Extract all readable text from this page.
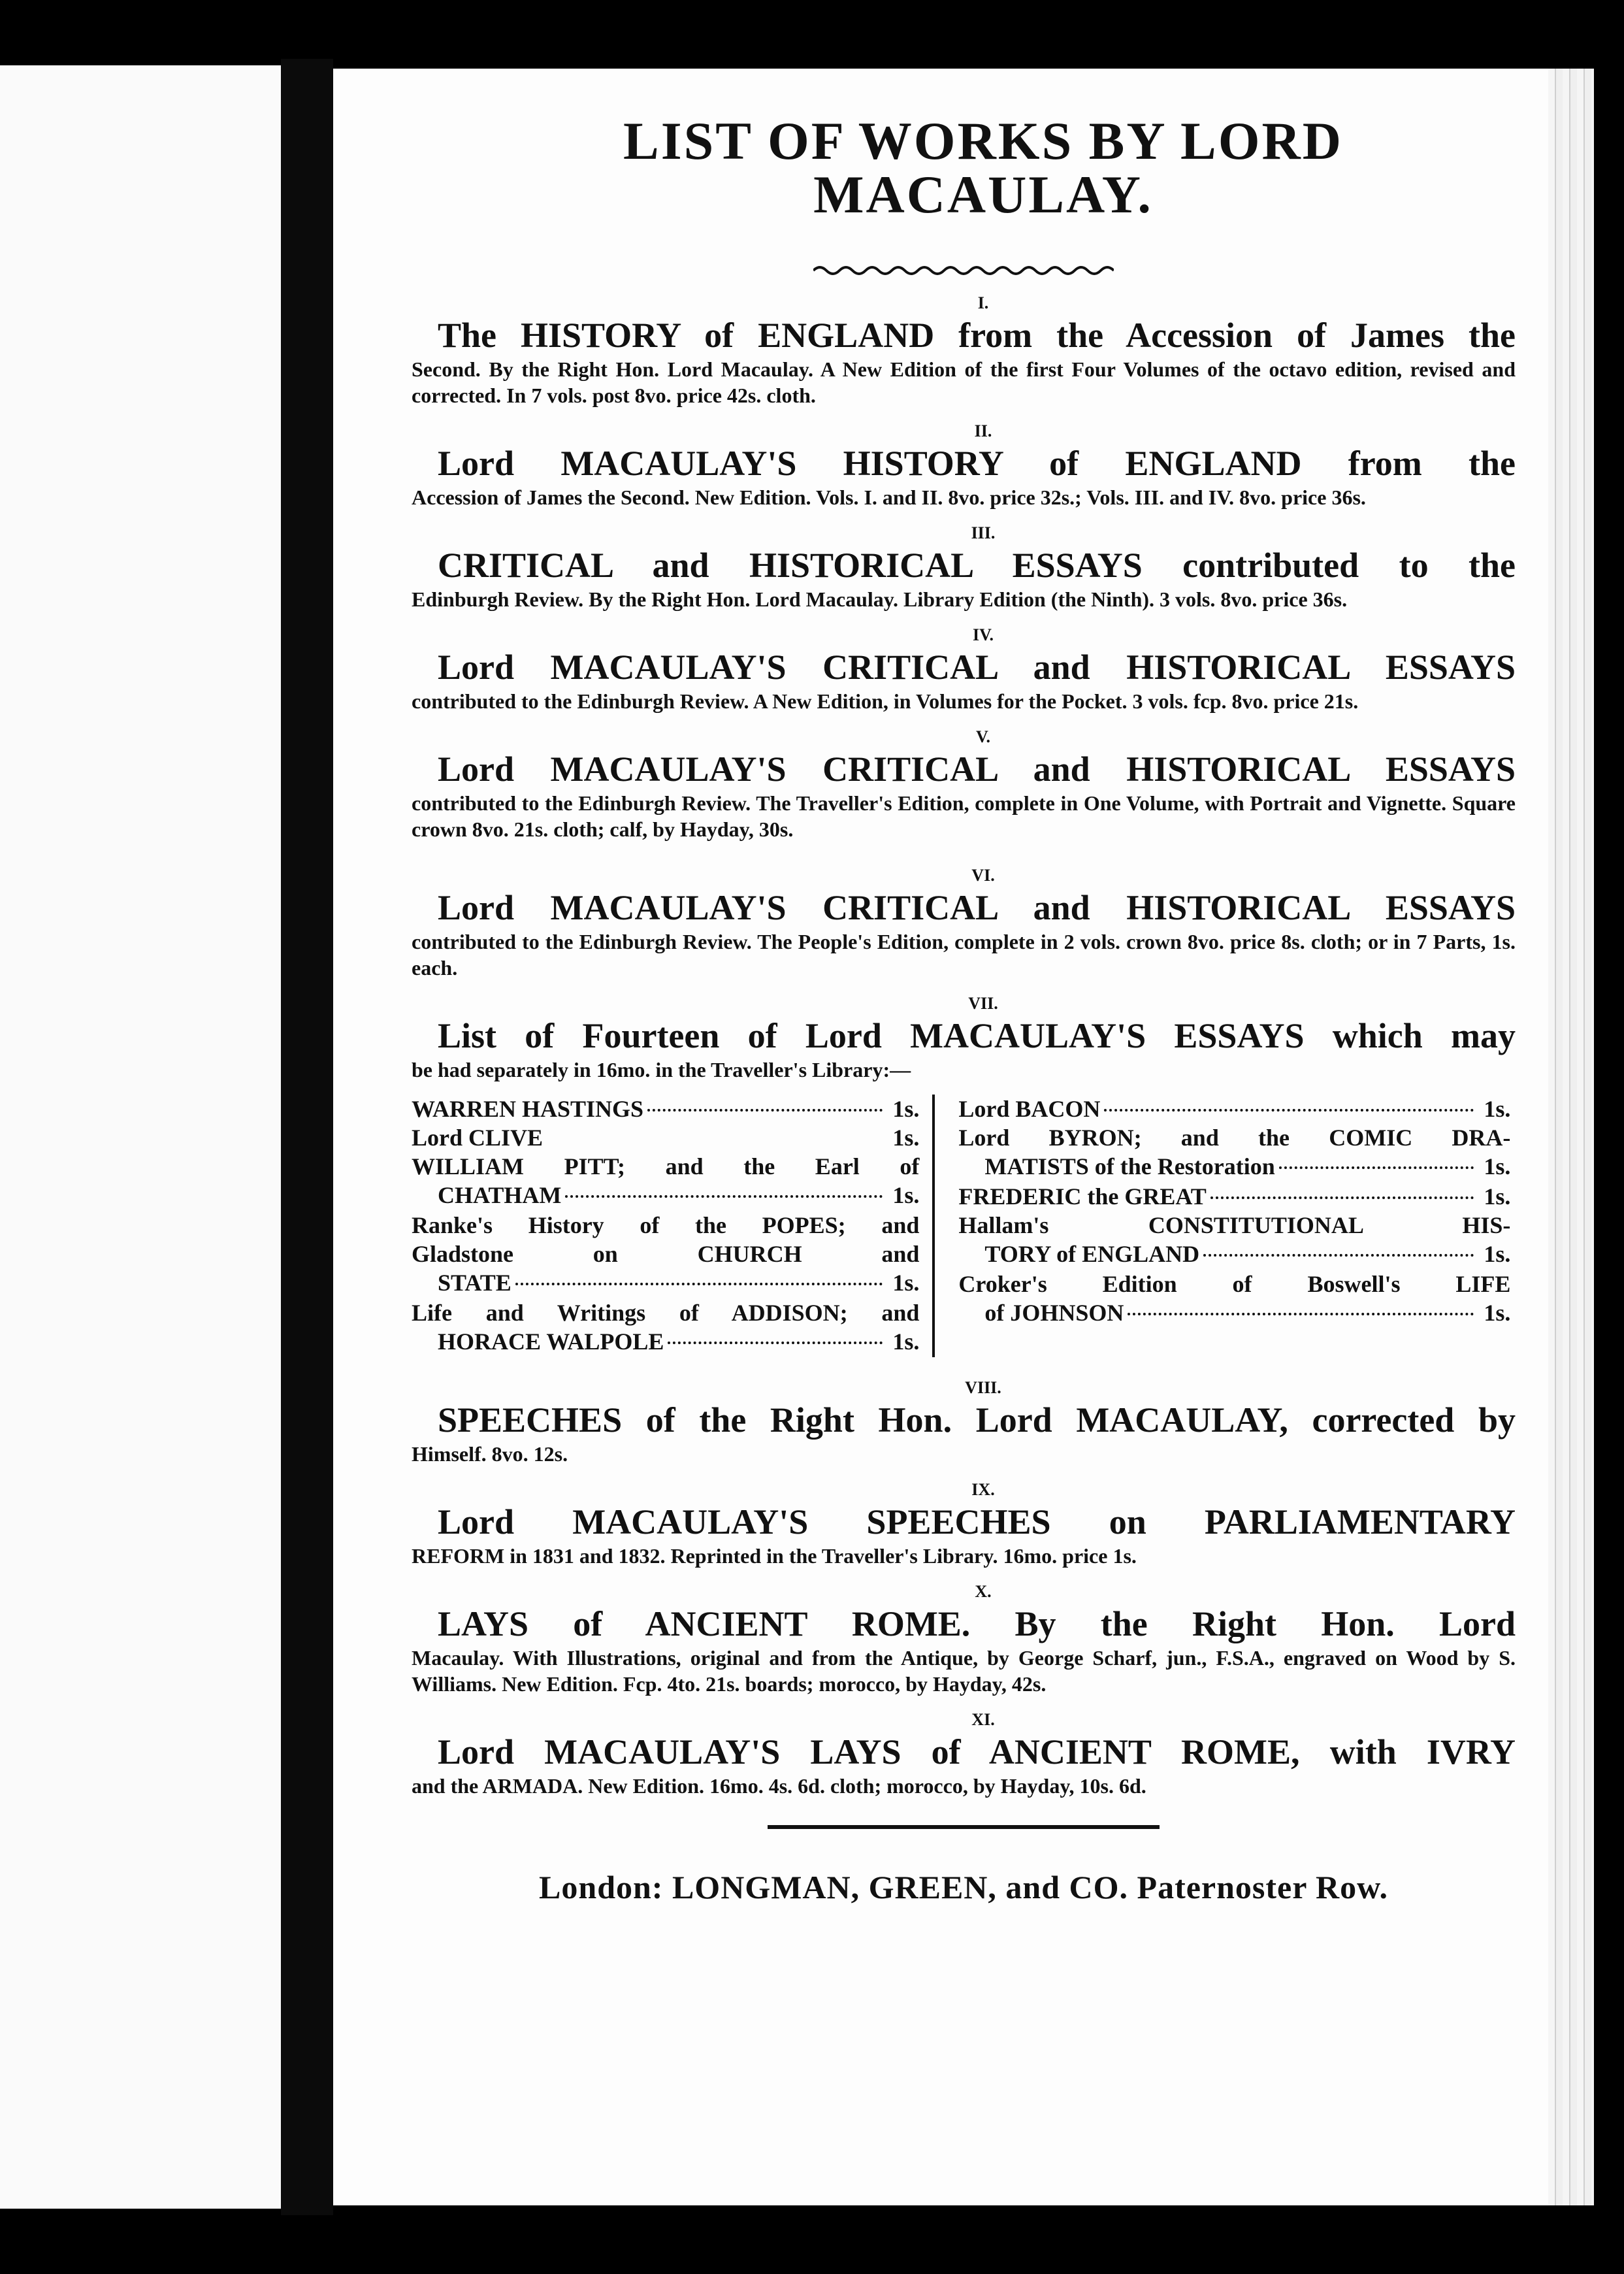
LIST OF WORKS BY LORD MACAULAY.
I.

The HISTORY of ENGLAND from the Accession of James the

Second. By the Right Hon. Lord Macaulay. A New Edition of the first Four Volumes of the octavo edition, revised and corrected. In 7 vols. post 8vo. price 42s. cloth.

II.

Lord MACAULAY'S HISTORY of ENGLAND from the

Accession of James the Second. New Edition. Vols. I. and II. 8vo. price 32s.; Vols. III. and IV. 8vo. price 36s.

III.

CRITICAL and HISTORICAL ESSAYS contributed to the

Edinburgh Review. By the Right Hon. Lord Macaulay. Library Edition (the Ninth). 3 vols. 8vo. price 36s.

IV.

Lord MACAULAY'S CRITICAL and HISTORICAL ESSAYS

contributed to the Edinburgh Review. A New Edition, in Volumes for the Pocket. 3 vols. fcp. 8vo. price 21s.

V.

Lord MACAULAY'S CRITICAL and HISTORICAL ESSAYS

contributed to the Edinburgh Review. The Traveller's Edition, complete in One Volume, with Portrait and Vignette. Square crown 8vo. 21s. cloth; calf, by Hayday, 30s.

VI.

Lord MACAULAY'S CRITICAL and HISTORICAL ESSAYS

contributed to the Edinburgh Review. The People's Edition, complete in 2 vols. crown 8vo. price 8s. cloth; or in 7 Parts, 1s. each.

VII.

List of Fourteen of Lord MACAULAY'S ESSAYS which may

be had separately in 16mo. in the Traveller's Library:—

WARREN HASTINGS	1s.
Lord CLIVE	1s.
WILLIAM PITT; and the Earl of
CHATHAM	1s.
Ranke's History of the POPES; and
Gladstone on CHURCH and
STATE	1s.
Life and Writings of ADDISON; and
HORACE WALPOLE	1s.
Lord BACON	1s.
Lord BYRON; and the COMIC DRA-
MATISTS of the Restoration	1s.
FREDERIC the GREAT	1s.
Hallam's CONSTITUTIONAL HIS-
TORY of ENGLAND	1s.
Croker's Edition of Boswell's LIFE
of JOHNSON	1s.
VIII.

SPEECHES of the Right Hon. Lord MACAULAY, corrected by

Himself. 8vo. 12s.

IX.

Lord MACAULAY'S SPEECHES on PARLIAMENTARY

REFORM in 1831 and 1832. Reprinted in the Traveller's Library. 16mo. price 1s.

X.

LAYS of ANCIENT ROME. By the Right Hon. Lord

Macaulay. With Illustrations, original and from the Antique, by George Scharf, jun., F.S.A., engraved on Wood by S. Williams. New Edition. Fcp. 4to. 21s. boards; morocco, by Hayday, 42s.

XI.

Lord MACAULAY'S LAYS of ANCIENT ROME, with IVRY

and the ARMADA. New Edition. 16mo. 4s. 6d. cloth; morocco, by Hayday, 10s. 6d.

London: LONGMAN, GREEN, and CO. Paternoster Row.
